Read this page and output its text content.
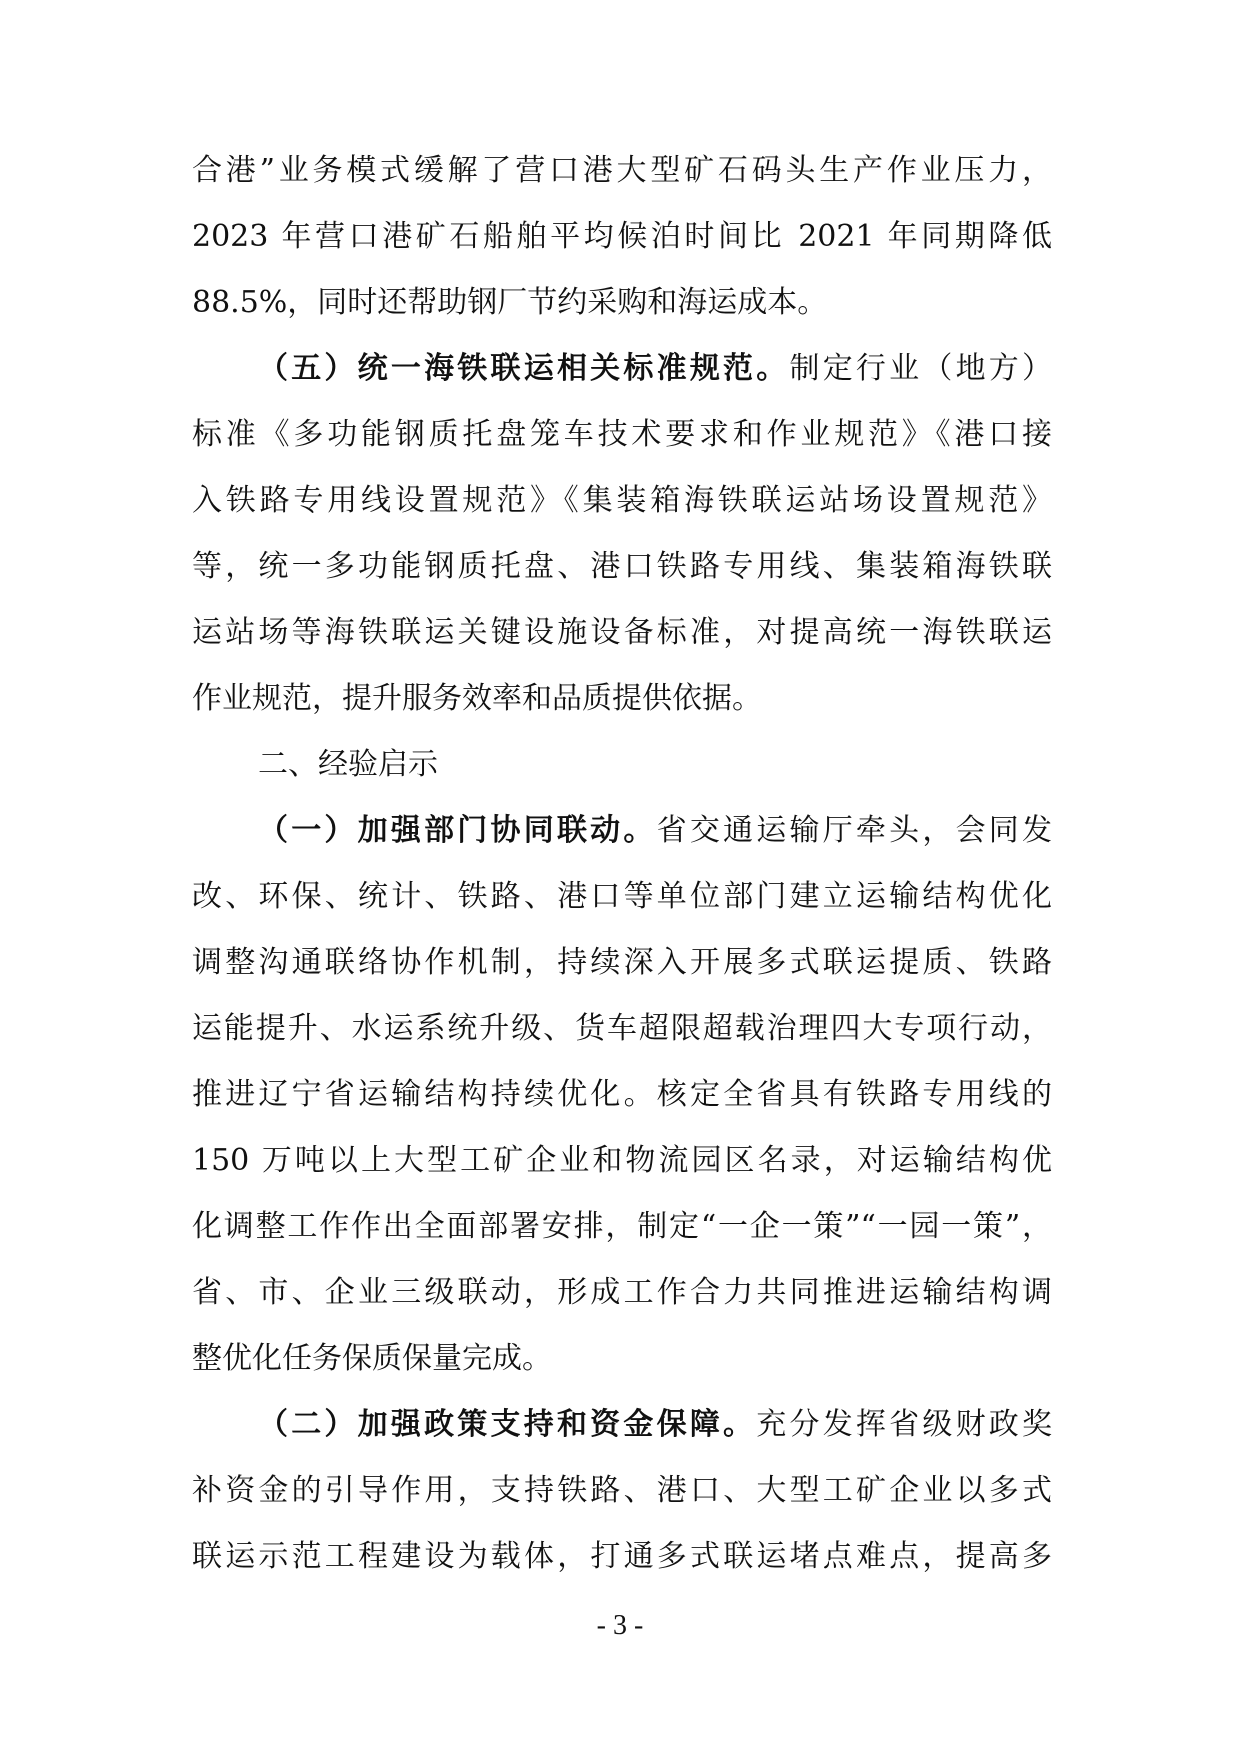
合港”业务模式缓解了营口港大型矿石码头生产作业压力，
2023 年营口港矿石船舶平均候泊时间比 2021 年同期降低
88.5%，同时还帮助钢厂节约采购和海运成本。
（五）统一海铁联运相关标准规范。制定行业（地方）
标准《多功能钢质托盘笼车技术要求和作业规范》《港口接
入铁路专用线设置规范》《集装箱海铁联运站场设置规范》
等，统一多功能钢质托盘、港口铁路专用线、集装箱海铁联
运站场等海铁联运关键设施设备标准，对提高统一海铁联运
作业规范，提升服务效率和品质提供依据。
二、经验启示
（一）加强部门协同联动。省交通运输厅牵头，会同发
改、环保、统计、铁路、港口等单位部门建立运输结构优化
调整沟通联络协作机制，持续深入开展多式联运提质、铁路
运能提升、水运系统升级、货车超限超载治理四大专项行动，
推进辽宁省运输结构持续优化。核定全省具有铁路专用线的
150 万吨以上大型工矿企业和物流园区名录，对运输结构优
化调整工作作出全面部署安排，制定“一企一策”“一园一策”，
省、市、企业三级联动，形成工作合力共同推进运输结构调
整优化任务保质保量完成。
（二）加强政策支持和资金保障。充分发挥省级财政奖
补资金的引导作用，支持铁路、港口、大型工矿企业以多式
联运示范工程建设为载体，打通多式联运堵点难点，提高多
- 3 -
